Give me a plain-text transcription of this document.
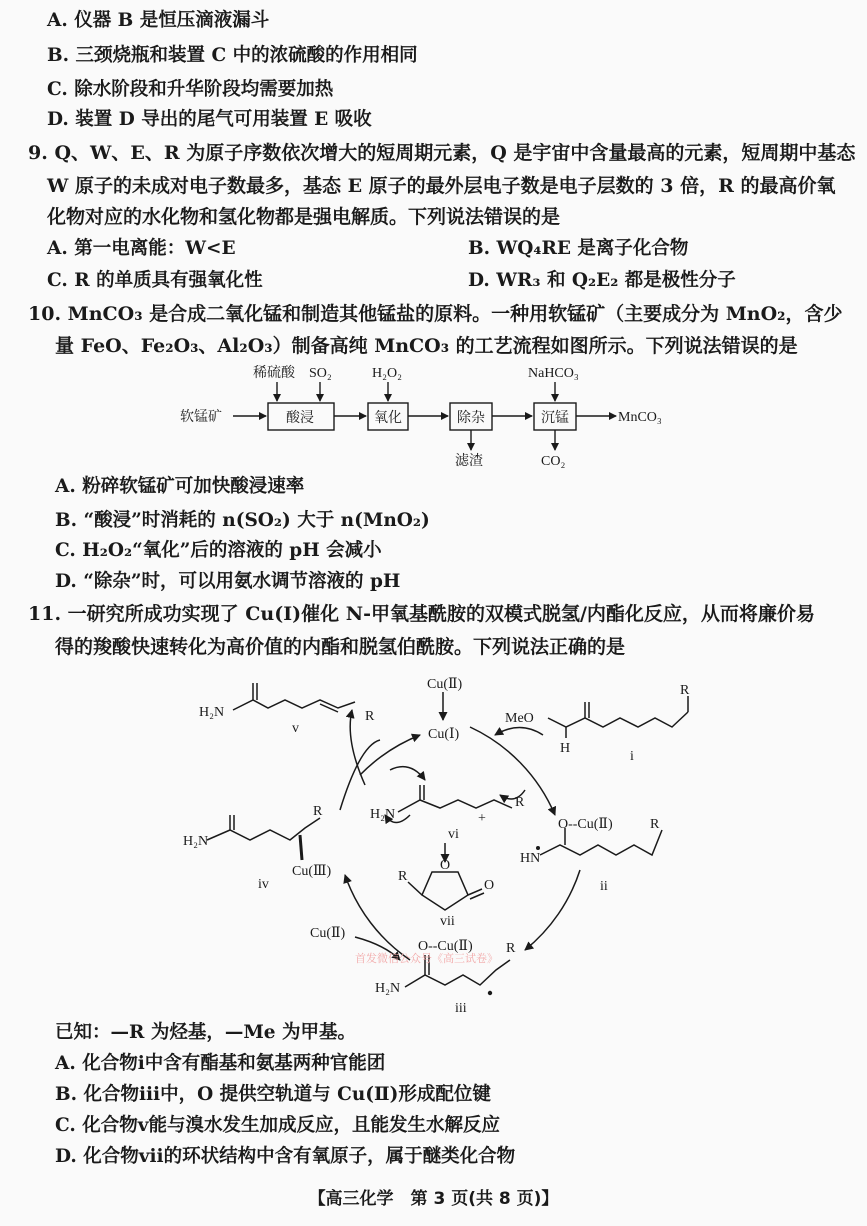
A. 仪器 B 是恒压滴液漏斗
B. 三颈烧瓶和装置 C 中的浓硫酸的作用相同
C. 除水阶段和升华阶段均需要加热
D. 装置 D 导出的尾气可用装置 E 吸收
9. Q、W、E、R 为原子序数依次增大的短周期元素，Q 是宇宙中含量最高的元素，短周期中基态
W 原子的未成对电子数最多，基态 E 原子的最外层电子数是电子层数的 3 倍，R 的最高价氧
化物对应的水化物和氢化物都是强电解质。下列说法错误的是
A. 第一电离能：W<E	B. WQ₄RE 是离子化合物
C. R 的单质具有强氧化性	D. WR₃ 和 Q₂E₂ 都是极性分子
10. MnCO₃ 是合成二氧化锰和制造其他锰盐的原料。一种用软锰矿（主要成分为 MnO₂，含少
量 FeO、Fe₂O₃、Al₂O₃）制备高纯 MnCO₃ 的工艺流程如图所示。下列说法错误的是
软锰矿	酸浸	氧化	除杂	沉锰	MnCO₃
稀硫酸 SO₂	H₂O₂	NaHCO₃
滤渣	CO₂
A. 粉碎软锰矿可加快酸浸速率
B. “酸浸”时消耗的 n(SO₂) 大于 n(MnO₂)
C. H₂O₂“氧化”后的溶液的 pH 会减小
D. “除杂”时，可以用氨水调节溶液的 pH
11. 一研究所成功实现了 Cu(Ⅰ)催化 N-甲氧基酰胺的双模式脱氢/内酯化反应，从而将廉价易
得的羧酸快速转化为高价值的内酯和脱氢伯酰胺。下列说法正确的是
Cu(Ⅱ)
Cu(Ⅰ)
H₂N	R
v
MeO
H
R
i
H₂N
R
+
vi
O--Cu(Ⅱ)	R
HN
ii
R
O
O
vii
H₂N
R
Cu(Ⅲ)
iv
Cu(Ⅱ)
O--Cu(Ⅱ) R
H₂N
iii
首发微信公众号《高三试卷》
已知：—R 为烃基，—Me 为甲基。
A. 化合物ⅰ中含有酯基和氨基两种官能团
B. 化合物ⅲ中，O 提供空轨道与 Cu(Ⅱ)形成配位键
C. 化合物ⅴ能与溴水发生加成反应，且能发生水解反应
D. 化合物ⅶ的环状结构中含有氧原子，属于醚类化合物
【高三化学　第 3 页(共 8 页)】
